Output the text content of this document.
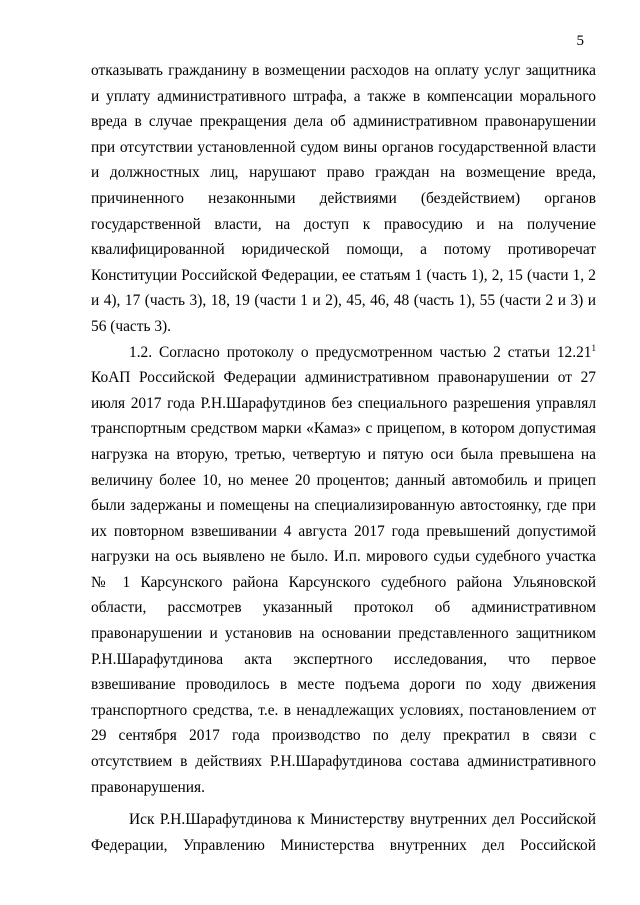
5

отказывать гражданину в возмещении расходов на оплату услуг защитника и уплату административного штрафа, а также в компенсации морального вреда в случае прекращения дела об административном правонарушении при отсутствии установленной судом вины органов государственной власти и должностных лиц, нарушают право граждан на возмещение вреда, причиненного незаконными действиями (бездействием) органов государственной власти, на доступ к правосудию и на получение квалифицированной юридической помощи, а потому противоречат Конституции Российской Федерации, ее статьям 1 (часть 1), 2, 15 (части 1, 2 и 4), 17 (часть 3), 18, 19 (части 1 и 2), 45, 46, 48 (часть 1), 55 (части 2 и 3) и 56 (часть 3).

1.2. Согласно протоколу о предусмотренном частью 2 статьи 12.21$^1$ КоАП Российской Федерации административном правонарушении от 27 июля 2017 года Р.Н.Шарафутдинов без специального разрешения управлял транспортным средством марки «Камаз» с прицепом, в котором допустимая нагрузка на вторую, третью, четвертую и пятую оси была превышена на величину более 10, но менее 20 процентов; данный автомобиль и прицеп были задержаны и помещены на специализированную автостоянку, где при их повторном взвешивании 4 августа 2017 года превышений допустимой нагрузки на ось выявлено не было. И.п. мирового судьи судебного участка № 1 Карсунского района Карсунского судебного района Ульяновской области, рассмотрев указанный протокол об административном правонарушении и установив на основании представленного защитником Р.Н.Шарафутдинова акта экспертного исследования, что первое взвешивание проводилось в месте подъема дороги по ходу движения транспортного средства, т.е. в ненадлежащих условиях, постановлением от 29 сентября 2017 года производство по делу прекратил в связи с отсутствием в действиях Р.Н.Шарафутдинова состава административного правонарушения.

Иск Р.Н.Шарафутдинова к Министерству внутренних дел Российской Федерации, Управлению Министерства внутренних дел Российской
